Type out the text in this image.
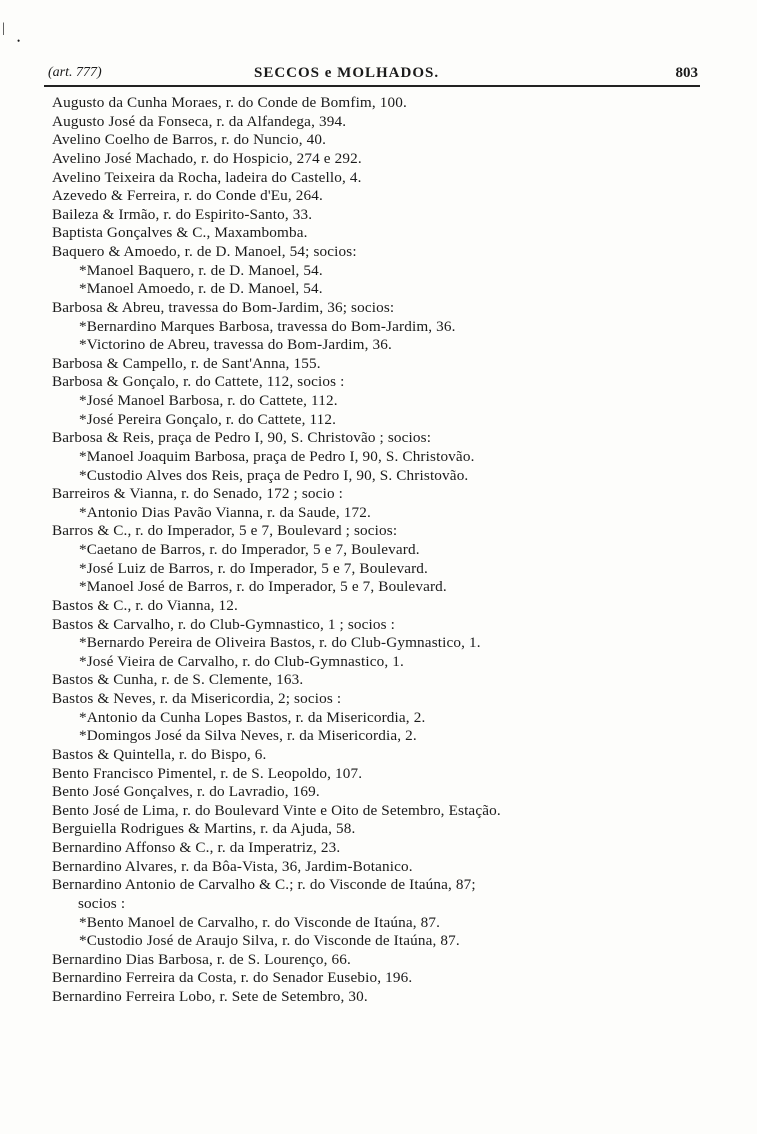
|
•
(art. 777)	SECCOS e MOLHADOS.	803
Augusto da Cunha Moraes, r. do Conde de Bomfim, 100.
Augusto José da Fonseca, r. da Alfandega, 394.
Avelino Coelho de Barros, r. do Nuncio, 40.
Avelino José Machado, r. do Hospicio, 274 e 292.
Avelino Teixeira da Rocha, ladeira do Castello, 4.
Azevedo & Ferreira, r. do Conde d'Eu, 264.
Baileza & Irmão, r. do Espirito-Santo, 33.
Baptista Gonçalves & C., Maxambomba.
Baquero & Amoedo, r. de D. Manoel, 54; socios:
*Manoel Baquero, r. de D. Manoel, 54.
*Manoel Amoedo, r. de D. Manoel, 54.
Barbosa & Abreu, travessa do Bom-Jardim, 36; socios:
*Bernardino Marques Barbosa, travessa do Bom-Jardim, 36.
*Victorino de Abreu, travessa do Bom-Jardim, 36.
Barbosa & Campello, r. de Sant'Anna, 155.
Barbosa & Gonçalo, r. do Cattete, 112, socios :
*José Manoel Barbosa, r. do Cattete, 112.
*José Pereira Gonçalo, r. do Cattete, 112.
Barbosa & Reis, praça de Pedro I, 90, S. Christovão ; socios:
*Manoel Joaquim Barbosa, praça de Pedro I, 90, S. Christovão.
*Custodio Alves dos Reis, praça de Pedro I, 90, S. Christovão.
Barreiros & Vianna, r. do Senado, 172 ; socio :
*Antonio Dias Pavão Vianna, r. da Saude, 172.
Barros & C., r. do Imperador, 5 e 7, Boulevard ; socios:
*Caetano de Barros, r. do Imperador, 5 e 7, Boulevard.
*José Luiz de Barros, r. do Imperador, 5 e 7, Boulevard.
*Manoel José de Barros, r. do Imperador, 5 e 7, Boulevard.
Bastos & C., r. do Vianna, 12.
Bastos & Carvalho, r. do Club-Gymnastico, 1 ; socios :
*Bernardo Pereira de Oliveira Bastos, r. do Club-Gymnastico, 1.
*José Vieira de Carvalho, r. do Club-Gymnastico, 1.
Bastos & Cunha, r. de S. Clemente, 163.
Bastos & Neves, r. da Misericordia, 2; socios :
*Antonio da Cunha Lopes Bastos, r. da Misericordia, 2.
*Domingos José da Silva Neves, r. da Misericordia, 2.
Bastos & Quintella, r. do Bispo, 6.
Bento Francisco Pimentel, r. de S. Leopoldo, 107.
Bento José Gonçalves, r. do Lavradio, 169.
Bento José de Lima, r. do Boulevard Vinte e Oito de Setembro, Estação.
Berguiella Rodrigues & Martins, r. da Ajuda, 58.
Bernardino Affonso & C., r. da Imperatriz, 23.
Bernardino Alvares, r. da Bôa-Vista, 36, Jardim-Botanico.
Bernardino Antonio de Carvalho & C.; r. do Visconde de Itaúna, 87;
socios :
*Bento Manoel de Carvalho, r. do Visconde de Itaúna, 87.
*Custodio José de Araujo Silva, r. do Visconde de Itaúna, 87.
Bernardino Dias Barbosa, r. de S. Lourenço, 66.
Bernardino Ferreira da Costa, r. do Senador Eusebio, 196.
Bernardino Ferreira Lobo, r. Sete de Setembro, 30.
